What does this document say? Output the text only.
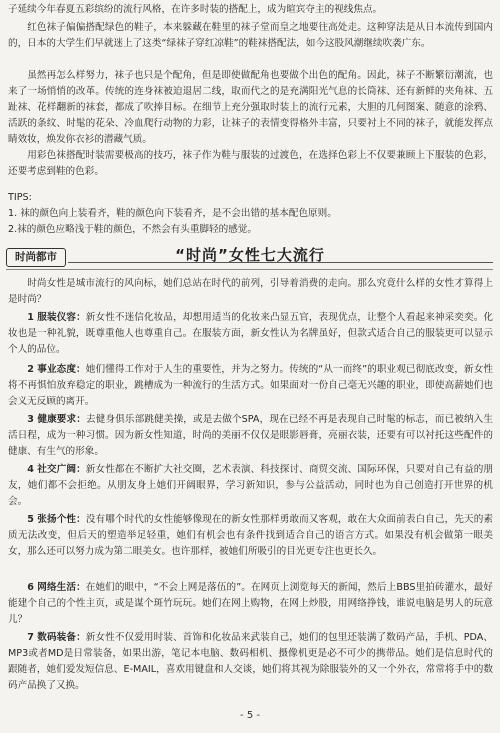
子延续今年春夏五彩缤纷的流行风格，在许多时装的搭配上，成为暄宾夺主的视线焦点。

红色袜子偏偏搭配绿色的鞋子，本来躲藏在鞋里的袜子堂而皇之地要往高处走。这种穿法是从日本流传到国内的，日本的大学生们早就迷上了这类“绿袜子穿红凉鞋”的鞋袜搭配法，如今这股风潮继续吹袭广东。

虽然再怎么样努力，袜子也只是个配角，但是即使做配角也要做个出色的配角。因此，袜子不断繁衍潮流，也来了一场悄悄的改革。传统的连身袜被迫退居二线，取而代之的是充满阳光气息的长筒袜、还有新鲜的夹角袜、五趾袜、花样翻新的袜套，都成了吹捧目标。在细节上充分强取时装上的流行元素，大胆的几何图案、随意的涂鸦、活跃的条纹、时髦的花朵、冷血爬行动物的力彩，让袜子的表情变得格外丰富，只要衬上不同的袜子，就能发挥点睛效妆，焕发你衣衫的潜藏气质。

用彩色袜搭配时装需要极高的技巧，袜子作为鞋与服装的过渡色，在选择色彩上不仅要兼顾上下服装的色彩，还要考虑到鞋的色彩。

TIPS:
1. 袜的颜色向上装看齐，鞋的颜色向下装看齐，是不会出错的基本配色原则。
2.袜的颜色应略浅于鞋的颜色，不然会有头重脚轻的感觉。
时尚都市	“时尚”女性七大流行

时尚女性是城市流行的风向标，她们总站在时代的前列，引导着消费的走向。那么究竟什么样的女性才算得上是时尚？

1 服装仪容：新女性不迷信化妆品，却想用适当的化妆来凸显五官，表现优点，让整个人看起来神采奕奕。化妆也是一种礼貌，既尊重他人也尊重自己。在服装方面，新女性认为名牌虽好，但款式适合自己的服装更可以显示个人的品位。

2 事业态度：她们懂得工作对于人生的重要性，并为之努力。传统的“从一而终”的职业观已彻底改变，新女性将不再惧怕放弃稳定的职业，跳槽成为一种流行的生活方式。如果面对一份自己毫无兴趣的职业，即使高薪她们也会义无反顾的离开。

3 健康要求：去健身俱乐部跳健美操，或是去做个SPA，现在已经不再是表现自己时髦的标志，而已被纳入生活日程，成为一种习惯。因为新女性知道，时尚的美丽不仅仅是眼影唇膏，亮丽衣装，还要有可以衬托这些配件的健康、有生气的形象。

4 社交广阔：新女性都在不断扩大社交圈，艺术表演、科技探讨、商贸交流、国际环保，只要对自己有益的朋友，她们都不会拒绝。从朋友身上她们开阔眼界，学习新知识，参与公益活动，同时也为自己创造打开世界的机会。

5 张扬个性：没有哪个时代的女性能够像现在的新女性那样勇敢而又客观，敢在大众面前表白自己，先天的素质无法改变，但后天的塑造举足轻重，她们有机会也有条件找到适合自己的语言方式。如果没有机会做第一眼美女，那么还可以努力成为第二眼美女。也许那样，被她们所吸引的目光更专注也更长久。

6 网络生活：在她们的眼中，“不会上网是落伍的”。在网页上浏览每天的新闻，然后上BBS里拍砖灌水，最好能建个自己的个性主页，或是谋个斑竹玩玩。她们在网上购物，在网上炒股，用网络挣钱，谁说电脑是男人的玩意儿？

7 数码装备：新女性不仅爱用时装、首饰和化妆品来武装自己，她们的包里还装满了数码产品，手机、PDA、MP3或者MD是日常装备，如果出游，笔记本电脑、数码相机、摄像机更是必不可少的携带品。她们是信息时代的跟随者，她们爱发短信息、E-MAIL，喜欢用键盘和人交谈，她们将其视为除服装外的又一个外衣，常常将手中的数码产品换了又换。

- 5 -
